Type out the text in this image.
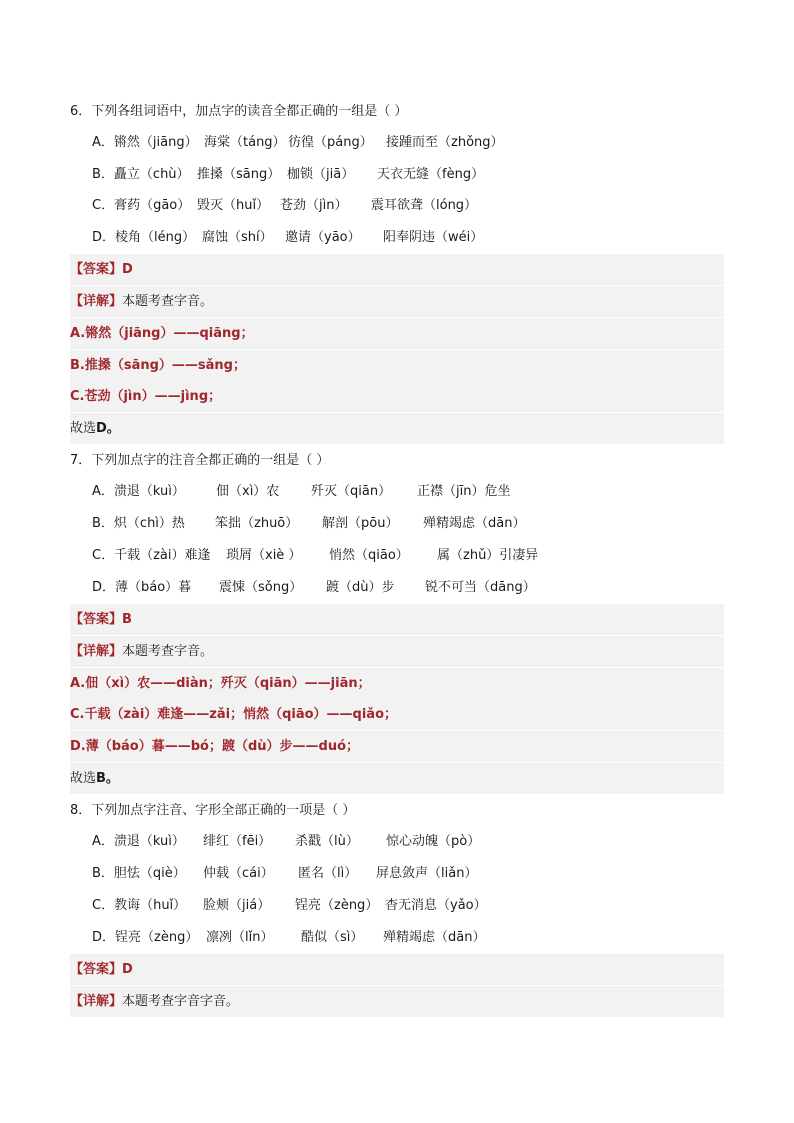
6．下列各组词语中，加点字的读音全都正确的一组是（ ）
A．锵然（jiāng） 海棠（táng） 彷徨（páng） 接踵而至（zhǒng）
B．矗立（chù） 推搡（sāng） 枷锁（jiā） 天衣无缝（fèng）
C．膏药（gāo） 毁灭（huǐ） 苍劲（jìn） 震耳欲聋（lóng）
D．棱角（léng） 腐蚀（shí） 邀请（yāo） 阳奉阴违（wéi）
【答案】D
【详解】本题考查字音。
A.锵然（jiāng）——qiāng；
B.推搡（sāng）——sǎng；
C.苍劲（jìn）——jìng；
故选D。
7．下列加点字的注音全都正确的一组是（ ）
A．溃退（kuì） 佃（xì）农 歼灭（qiān） 正襟（jīn）危坐
B．炽（chì）热 笨拙（zhuō） 解剖（pōu） 殚精竭虑（dān）
C．千载（zài）难逢 琐屑（xiè ） 悄然（qiāo） 属（zhǔ）引凄异
D．薄（báo）暮 震悚（sǒng） 踱（dù）步 锐不可当（dāng）
【答案】B
【详解】本题考查字音。
A.佃（xì）农——diàn；歼灭（qiān）——jiān；
C.千载（zài）难逢——zǎi；悄然（qiāo）——qiǎo；
D.薄（báo）暮——bó；踱（dù）步——duó；
故选B。
8．下列加点字注音、字形全部正确的一项是（ ）
A．溃退（kuì） 绯红（fēi） 杀戳（lù） 惊心动魄（pò）
B．胆怯（qiè） 仲载（cái） 匿名（lì） 屏息敛声（liǎn）
C．教诲（huǐ） 脸颊（jiá） 锃亮（zèng） 杳无消息（yǎo）
D．锃亮（zèng） 凛冽（lǐn） 酷似（sì） 殚精竭虑（dān）
【答案】D
【详解】本题考查字音字音。
